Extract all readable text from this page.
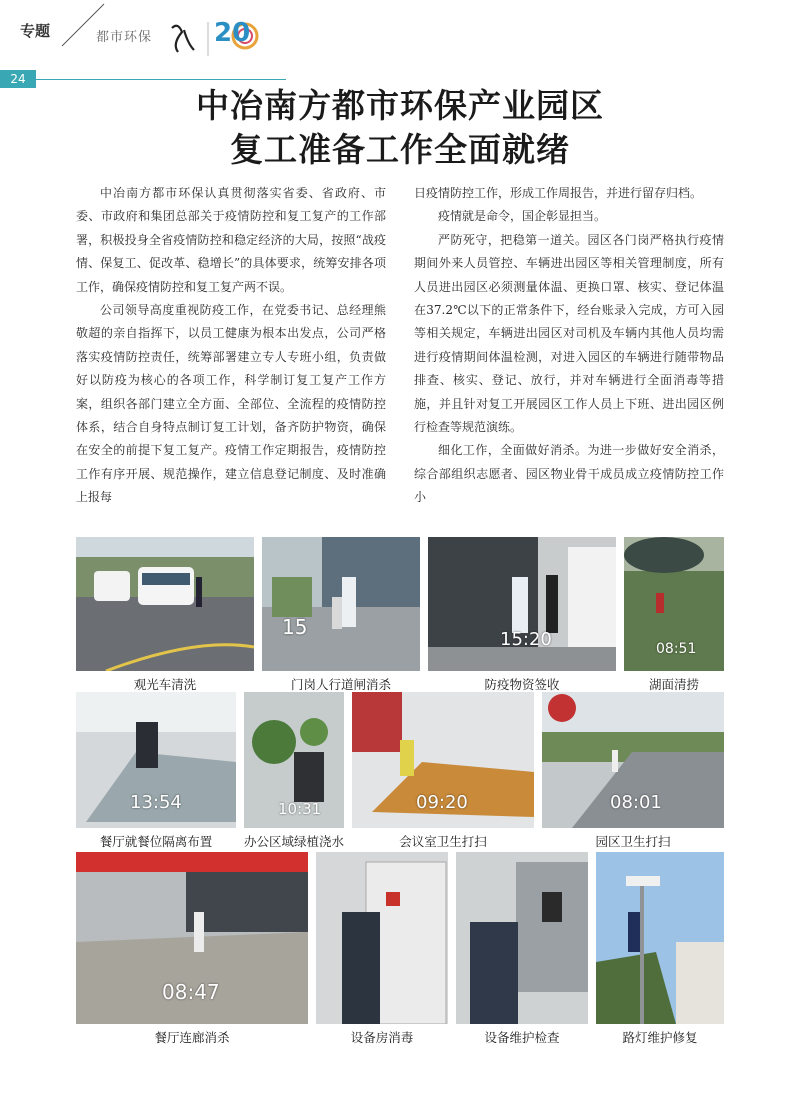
专题	都市环保 20
24
中冶南方都市环保产业园区
复工准备工作全面就绪

中冶南方都市环保认真贯彻落实省委、省政府、市委、市政府和集团总部关于疫情防控和复工复产的工作部署，积极投身全省疫情防控和稳定经济的大局，按照“战疫情、保复工、促改革、稳增长”的具体要求，统筹安排各项工作，确保疫情防控和复工复产两不误。

公司领导高度重视防疫工作，在党委书记、总经理熊敬超的亲自指挥下，以员工健康为根本出发点，公司严格落实疫情防控责任，统筹部署建立专人专班小组，负责做好以防疫为核心的各项工作，科学制订复工复产工作方案，组织各部门建立全方面、全部位、全流程的疫情防控体系，结合自身特点制订复工计划，备齐防护物资，确保在安全的前提下复工复产。疫情工作定期报告，疫情防控工作有序开展、规范操作，建立信息登记制度、及时准确上报每

日疫情防控工作，形成工作周报告，并进行留存归档。

疫情就是命令，国企彰显担当。

严防死守，把稳第一道关。园区各门岗严格执行疫情期间外来人员管控、车辆进出园区等相关管理制度，所有人员进出园区必须测量体温、更换口罩、核实、登记体温在37.2℃以下的正常条件下，经台账录入完成，方可入园等相关规定，车辆进出园区对司机及车辆内其他人员均需进行疫情期间体温检测，对进入园区的车辆进行随带物品排查、核实、登记、放行，并对车辆进行全面消毒等措施，并且针对复工开展园区工作人员上下班、进出园区例行检查等规范演练。

细化工作，全面做好消杀。为进一步做好安全消杀，综合部组织志愿者、园区物业骨干成员成立疫情防控工作小

15
15:20	08:51
观光车清洗	门岗人行道闸消杀	防疫物资签收	湖面清捞
13:54	10:31	09:20	08:01
餐厅就餐位隔离布置	办公区域绿植浇水	会议室卫生打扫	园区卫生打扫
08:47
餐厅连廊消杀	设备房消毒	设备维护检查	路灯维护修复
